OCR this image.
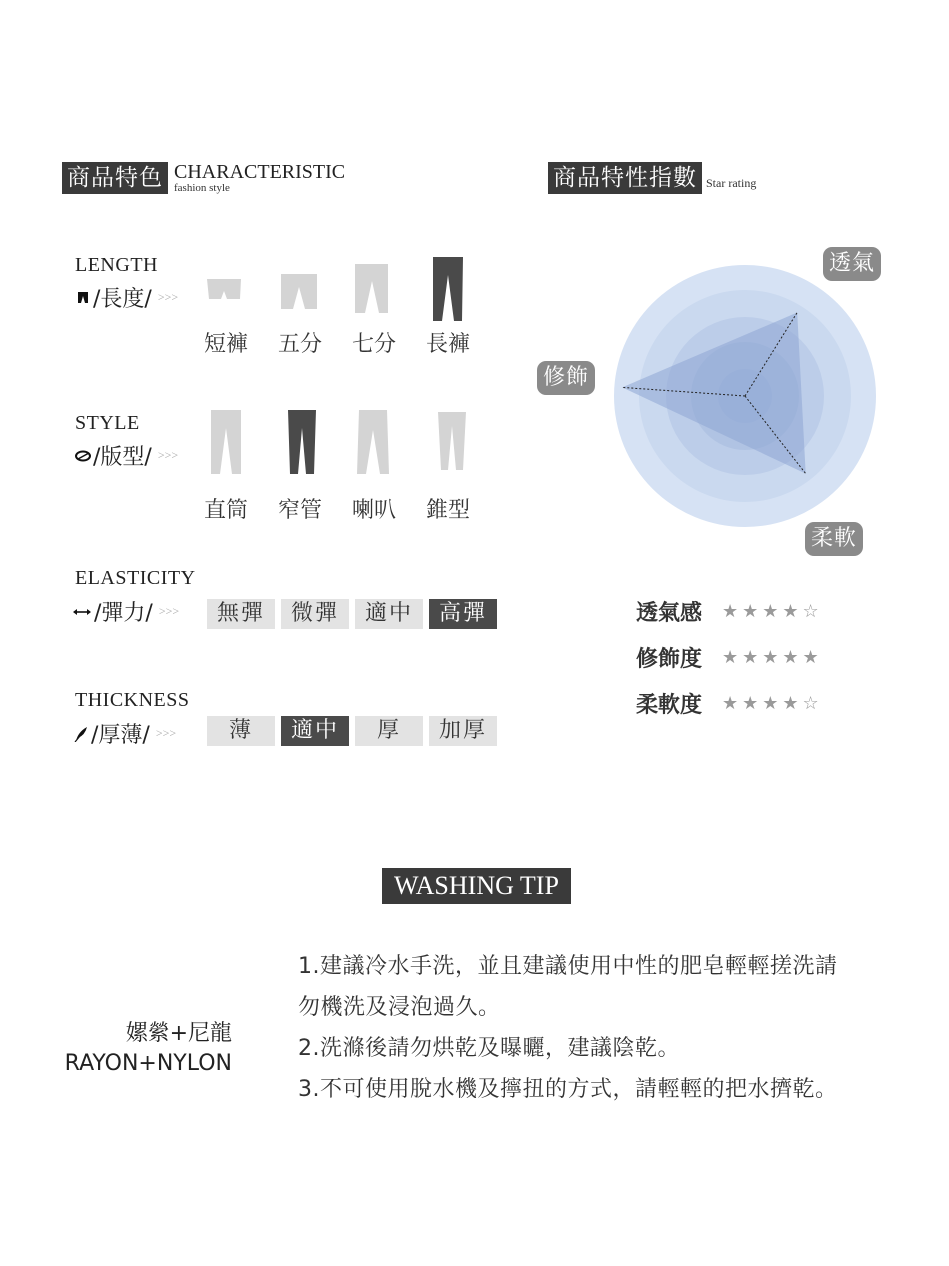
商品特色 CHARACTERISTIC
fashion style	商品特性指數 Star rating
LENGTH
/長度/ >>>
短褲	五分	七分	長褲
STYLE
/版型/ >>>
直筒	窄管	喇叭	錐型
ELASTICITY
/彈力/ >>>	無彈	微彈	適中	高彈
THICKNESS
/厚薄/ >>>	薄	適中	厚	加厚
透氣
修飾
柔軟
透氣感	★★★★☆
修飾度	★★★★★
柔軟度	★★★★☆
WASHING TIP
嫘縈+尼龍
RAYON+NYLON
1.建議冷水手洗，並且建議使用中性的肥皂輕輕搓洗請勿機洗及浸泡過久。
2.洗滌後請勿烘乾及曝曬，建議陰乾。
3.不可使用脫水機及擰扭的方式，請輕輕的把水擠乾。
